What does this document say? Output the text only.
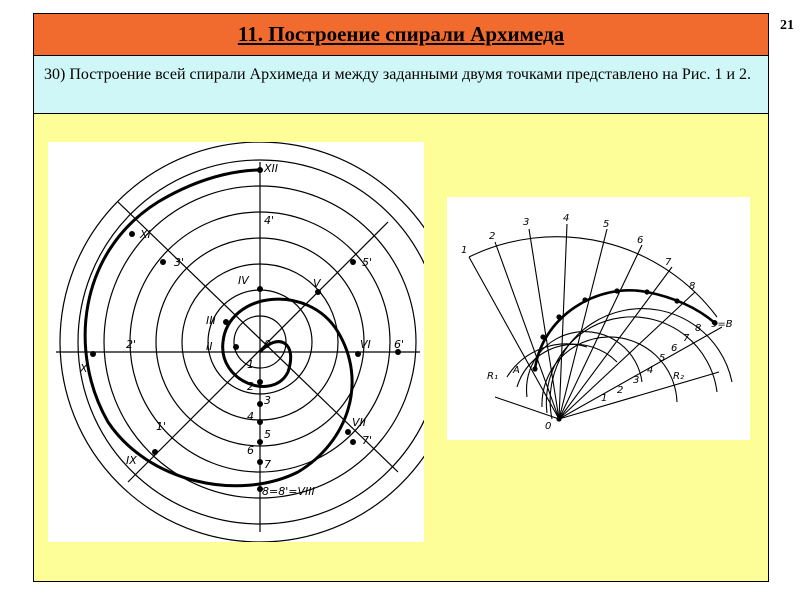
21
11. Построение спирали Архимеда
30) Построение всей спирали Архимеда и между заданными двумя точками представлено на Рис. 1 и 2.
XII
XI
X
IX
8=8'=VIII
VII
VI
V
IV
III
II
4'
3'	5'
2'	6'
1'
7'
0
1
2
3
4
5
6
7
1
2
3	4
5
6
7
8
1
2
3
4
5
6
7
8 9=B
A
0
R₁	R₂
